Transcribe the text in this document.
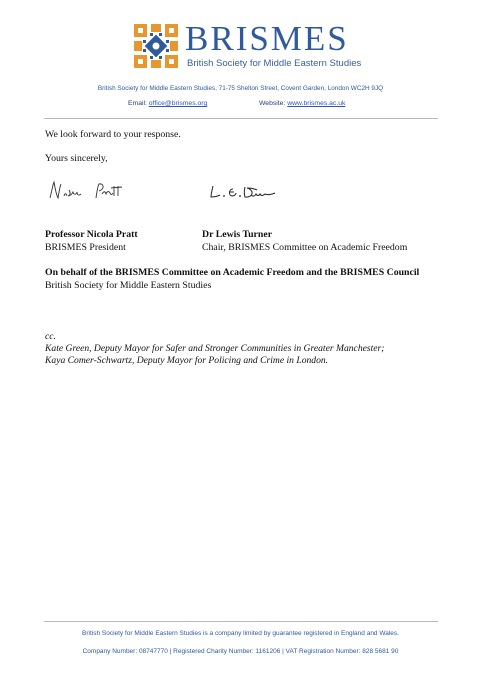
BRISMES
British Society for Middle Eastern Studies
British Society for Middle Eastern Studies, 71-75 Shelton Street, Covent Garden, London WC2H 9JQ
Email: office@brismes.org	Website: www.brismes.ac.uk
We look forward to your response.
Yours sincerely,
Professor Nicola Pratt
BRISMES President
Dr Lewis Turner
Chair, BRISMES Committee on Academic Freedom
On behalf of the BRISMES Committee on Academic Freedom and the BRISMES Council
British Society for Middle Eastern Studies
cc.
Kate Green, Deputy Mayor for Safer and Stronger Communities in Greater Manchester;
Kaya Comer-Schwartz, Deputy Mayor for Policing and Crime in London.
British Society for Middle Eastern Studies is a company limited by guarantee registered in England and Wales.
Company Number: 08747770 | Registered Charity Number: 1161206 | VAT Registration Number: 828 5681 90
